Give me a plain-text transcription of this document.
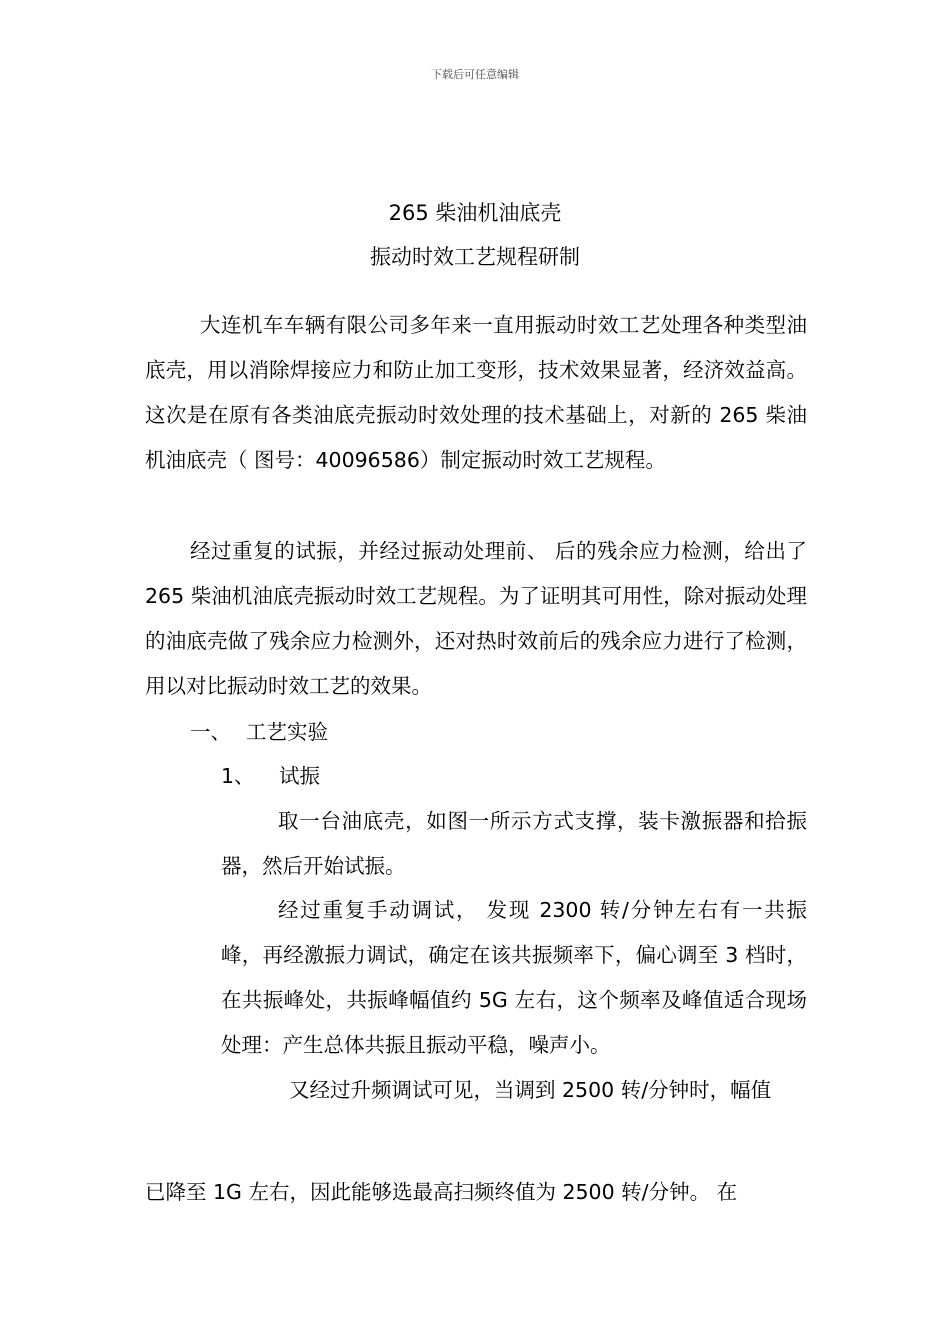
下载后可任意编辑
265 柴油机油底壳
振动时效工艺规程研制

大连机车车辆有限公司多年来一直用振动时效工艺处理各种类型油底壳，用以消除焊接应力和防止加工变形，技术效果显著，经济效益高。这次是在原有各类油底壳振动时效处理的技术基础上，对新的 265 柴油机油底壳（ 图号：40096586）制定振动时效工艺规程。

经过重复的试振，并经过振动处理前、 后的残余应力检测，给出了 265 柴油机油底壳振动时效工艺规程。为了证明其可用性，除对振动处理的油底壳做了残余应力检测外，还对热时效前后的残余应力进行了检测，用以对比振动时效工艺的效果。

一、 工艺实验
1、 试振

取一台油底壳，如图一所示方式支撑，装卡激振器和拾振器，然后开始试振。

经过重复手动调试， 发现 2300 转/分钟左右有一共振峰，再经激振力调试，确定在该共振频率下，偏心调至 3 档时，在共振峰处，共振峰幅值约 5G 左右，这个频率及峰值适合现场处理：产生总体共振且振动平稳，噪声小。

又经过升频调试可见，当调到 2500 转/分钟时，幅值

已降至 1G 左右，因此能够选最高扫频终值为 2500 转/分钟。 在
